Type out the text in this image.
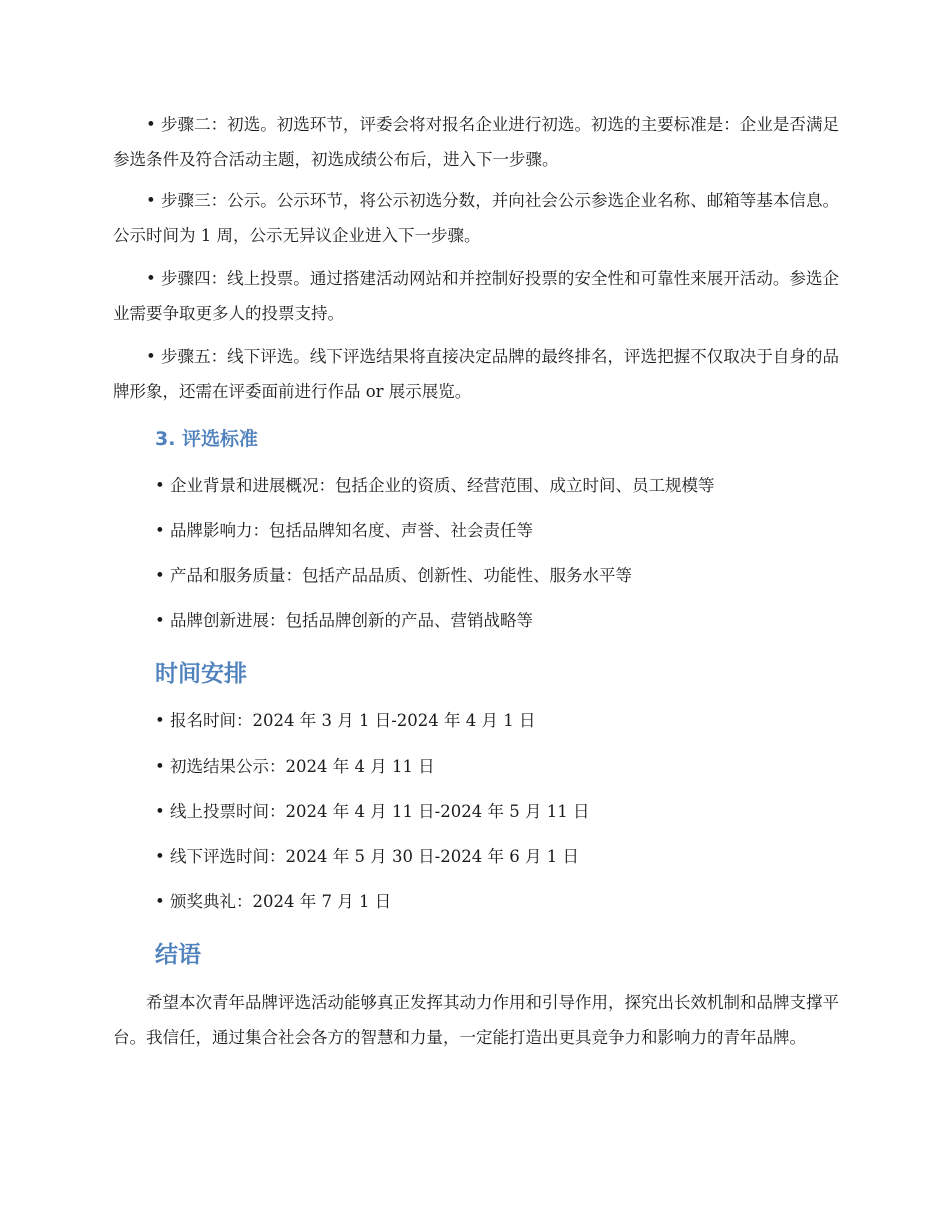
• 步骤二：初选。初选环节，评委会将对报名企业进行初选。初选的主要标准是：企业是否满足参选条件及符合活动主题，初选成绩公布后，进入下一步骤。

• 步骤三：公示。公示环节，将公示初选分数，并向社会公示参选企业名称、邮箱等基本信息。公示时间为 1 周，公示无异议企业进入下一步骤。

• 步骤四：线上投票。通过搭建活动网站和并控制好投票的安全性和可靠性来展开活动。参选企业需要争取更多人的投票支持。

• 步骤五：线下评选。线下评选结果将直接决定品牌的最终排名，评选把握不仅取决于自身的品牌形象，还需在评委面前进行作品 or 展示展览。

3. 评选标准

• 企业背景和进展概况：包括企业的资质、经营范围、成立时间、员工规模等

• 品牌影响力：包括品牌知名度、声誉、社会责任等

• 产品和服务质量：包括产品品质、创新性、功能性、服务水平等

• 品牌创新进展：包括品牌创新的产品、营销战略等

时间安排

• 报名时间：2024 年 3 月 1 日-2024 年 4 月 1 日

• 初选结果公示：2024 年 4 月 11 日

• 线上投票时间：2024 年 4 月 11 日-2024 年 5 月 11 日

• 线下评选时间：2024 年 5 月 30 日-2024 年 6 月 1 日

• 颁奖典礼：2024 年 7 月 1 日

结语

希望本次青年品牌评选活动能够真正发挥其动力作用和引导作用，探究出长效机制和品牌支撑平台。我信任，通过集合社会各方的智慧和力量，一定能打造出更具竞争力和影响力的青年品牌。
